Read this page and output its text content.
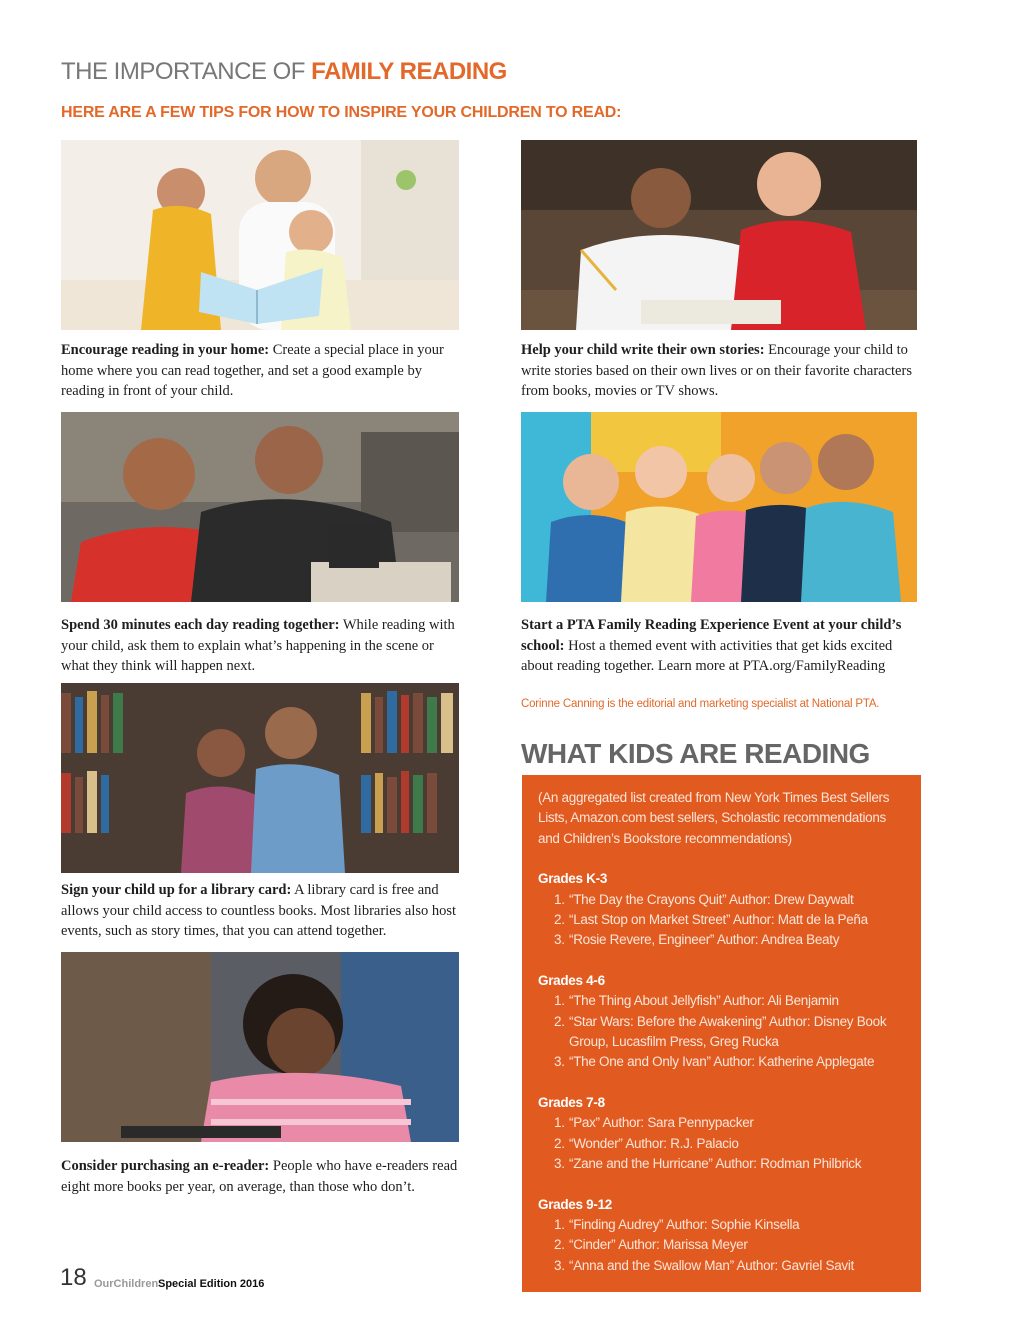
THE IMPORTANCE OF FAMILY READING
HERE ARE A FEW TIPS FOR HOW TO INSPIRE YOUR CHILDREN TO READ:

Encourage reading in your home: Create a special place in your home where you can read together, and set a good example by reading in front of your child.

Help your child write their own stories: Encourage your child to write stories based on their own lives or on their favorite characters from books, movies or TV shows.

Spend 30 minutes each day reading together: While reading with your child, ask them to explain what’s happening in the scene or what they think will happen next.

Start a PTA Family Reading Experience Event at your child’s school: Host a themed event with activities that get kids excited about reading together. Learn more at PTA.org/FamilyReading

Corinne Canning is the editorial and marketing specialist at National PTA.

Sign your child up for a library card: A library card is free and allows your child access to countless books. Most libraries also host events, such as story times, that you can attend together.

Consider purchasing an e-reader: People who have e-readers read eight more books per year, on average, than those who don’t.

WHAT KIDS ARE READING

(An aggregated list created from New York Times Best Sellers Lists, Amazon.com best sellers, Scholastic recommendations and Children’s Bookstore recommendations)

Grades K-3
1. “The Day the Crayons Quit” Author: Drew Daywalt
2. “Last Stop on Market Street” Author: Matt de la Peña
3. “Rosie Revere, Engineer” Author: Andrea Beaty
Grades 4-6
1. “The Thing About Jellyfish” Author: Ali Benjamin
2. “Star Wars: Before the Awakening” Author: Disney Book Group, Lucasfilm Press, Greg Rucka
3. “The One and Only Ivan” Author: Katherine Applegate
Grades 7-8
1. “Pax” Author: Sara Pennypacker
2. “Wonder” Author: R.J. Palacio
3. “Zane and the Hurricane” Author: Rodman Philbrick
Grades 9-12
1. “Finding Audrey” Author: Sophie Kinsella
2. “Cinder” Author: Marissa Meyer
3. “Anna and the Swallow Man” Author: Gavriel Savit
18 OurChildren Special Edition 2016
